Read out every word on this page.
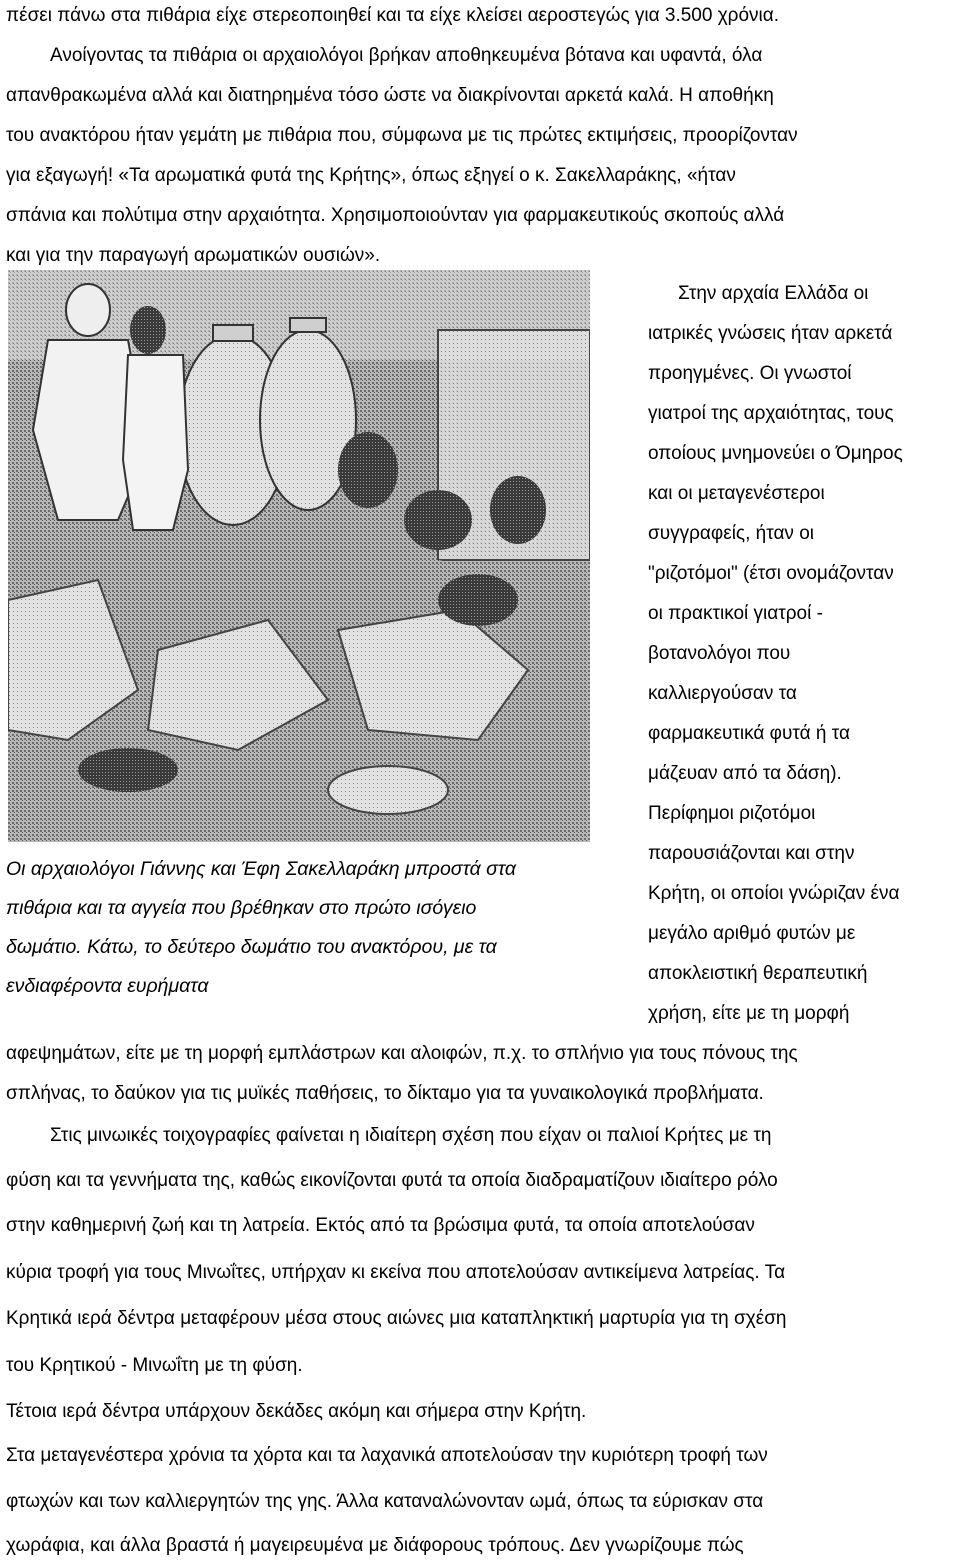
πέσει πάνω στα πιθάρια είχε στερεοποιηθεί και τα είχε κλείσει αεροστεγώς για 3.500 χρόνια.
Ανοίγοντας τα πιθάρια οι αρχαιολόγοι βρήκαν αποθηκευμένα βότανα και υφαντά, όλα
απανθρακωμένα αλλά και διατηρημένα τόσο ώστε να διακρίνονται αρκετά καλά. Η αποθήκη
του ανακτόρου ήταν γεμάτη με πιθάρια που, σύμφωνα με τις πρώτες εκτιμήσεις, προορίζονταν
για εξαγωγή! «Τα αρωματικά φυτά της Κρήτης», όπως εξηγεί ο κ. Σακελλαράκης, «ήταν
σπάνια και πολύτιμα στην αρχαιότητα. Χρησιμοποιούνταν για φαρμακευτικούς σκοπούς αλλά
και για την παραγωγή αρωματικών ουσιών».
Στην αρχαία Ελλάδα οι
ιατρικές γνώσεις ήταν αρκετά
προηγμένες. Οι γνωστοί
γιατροί της αρχαιότητας, τους
οποίους μνημονεύει ο Όμηρος
και οι μεταγενέστεροι
συγγραφείς, ήταν οι
"ριζοτόμοι" (έτσι ονομάζονταν
οι πρακτικοί γιατροί -
βοτανολόγοι που
καλλιεργούσαν τα
φαρμακευτικά φυτά ή τα
μάζευαν από τα δάση).
Περίφημοι ριζοτόμοι
παρουσιάζονται και στην
Κρήτη, οι οποίοι γνώριζαν ένα
μεγάλο αριθμό φυτών με
αποκλειστική θεραπευτική
χρήση, είτε με τη μορφή
Οι αρχαιολόγοι Γιάννης και Έφη Σακελλαράκη μπροστά στα
πιθάρια και τα αγγεία που βρέθηκαν στο πρώτο ισόγειο
δωμάτιο. Κάτω, το δεύτερο δωμάτιο του ανακτόρου, με τα
ενδιαφέροντα ευρήματα
αφεψημάτων, είτε με τη μορφή εμπλάστρων και αλοιφών, π.χ. το σπλήνιο για τους πόνους της
σπλήνας, το δαύκον για τις μυϊκές παθήσεις, το δίκταμο για τα γυναικολογικά προβλήματα.
Στις μινωικές τοιχογραφίες φαίνεται η ιδιαίτερη σχέση που είχαν οι παλιοί Κρήτες με τη
φύση και τα γεννήματα της, καθώς εικονίζονται φυτά τα οποία διαδραματίζουν ιδιαίτερο ρόλο
στην καθημερινή ζωή και τη λατρεία. Εκτός από τα βρώσιμα φυτά, τα οποία αποτελούσαν
κύρια τροφή για τους Μινωΐτες, υπήρχαν κι εκείνα που αποτελούσαν αντικείμενα λατρείας. Τα
Κρητικά ιερά δέντρα μεταφέρουν μέσα στους αιώνες μια καταπληκτική μαρτυρία για τη σχέση
του Κρητικού - Μινωΐτη με τη φύση.
Τέτοια ιερά δέντρα υπάρχουν δεκάδες ακόμη και σήμερα στην Κρήτη.
Στα μεταγενέστερα χρόνια τα χόρτα και τα λαχανικά αποτελούσαν την κυριότερη τροφή των
φτωχών και των καλλιεργητών της γης. Άλλα καταναλώνονταν ωμά, όπως τα εύρισκαν στα
χωράφια, και άλλα βραστά ή μαγειρευμένα με διάφορους τρόπους. Δεν γνωρίζουμε πώς
